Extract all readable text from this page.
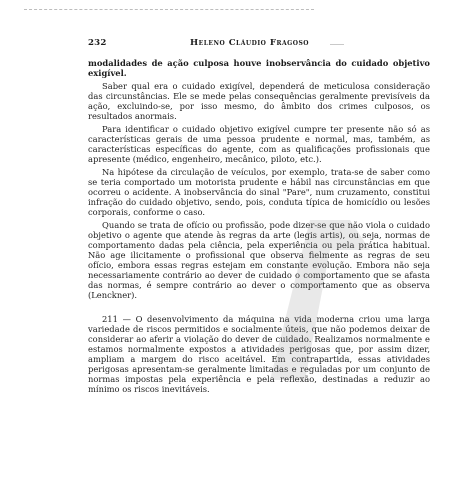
232	Heleno Cláudio Fragoso

modalidades de ação culposa houve inobservância do cuidado objetivo exigível.

Saber qual era o cuidado exigível, dependerá de meticulosa consideração das circunstâncias. Ele se mede pelas consequências geralmente previsíveis da ação, excluindo-se, por isso mesmo, do âmbito dos crimes culposos, os resultados anormais.

Para identificar o cuidado objetivo exigível cumpre ter presente não só as características gerais de uma pessoa prudente e normal, mas, também, as características específicas do agente, com as qualificações profissionais que apresente (médico, engenheiro, mecânico, piloto, etc.).

Na hipótese da circulação de veículos, por exemplo, trata-se de saber como se teria comportado um motorista prudente e hábil nas circunstâncias em que ocorreu o acidente. A inobservância do sinal "Pare", num cruzamento, constitui infração do cuidado objetivo, sendo, pois, conduta típica de homicídio ou lesões corporais, conforme o caso.

Quando se trata de ofício ou profissão, pode dizer-se que não viola o cuidado objetivo o agente que atende às regras da arte (legis artis), ou seja, normas de comportamento dadas pela ciência, pela experiência ou pela prática habitual. Não age ilicitamente o profissional que observa fielmente as regras de seu ofício, embora essas regras estejam em constante evolução. Embora não seja necessariamente contrário ao dever de cuidado o comportamento que se afasta das normas, é sempre contrário ao dever o comportamento que as observa (Lenckner).

211 — O desenvolvimento da máquina na vida moderna criou uma larga variedade de riscos permitidos e socialmente úteis, que não podemos deixar de considerar ao aferir a violação do dever de cuidado. Realizamos normalmente e estamos normalmente expostos a atividades perigosas que, por assim dizer, ampliam a margem do risco aceitável. Em contrapartida, essas atividades perigosas apresentam-se geralmente limitadas e reguladas por um conjunto de normas impostas pela experiência e pela reflexão, destinadas a reduzir ao mínimo os riscos inevitáveis.
